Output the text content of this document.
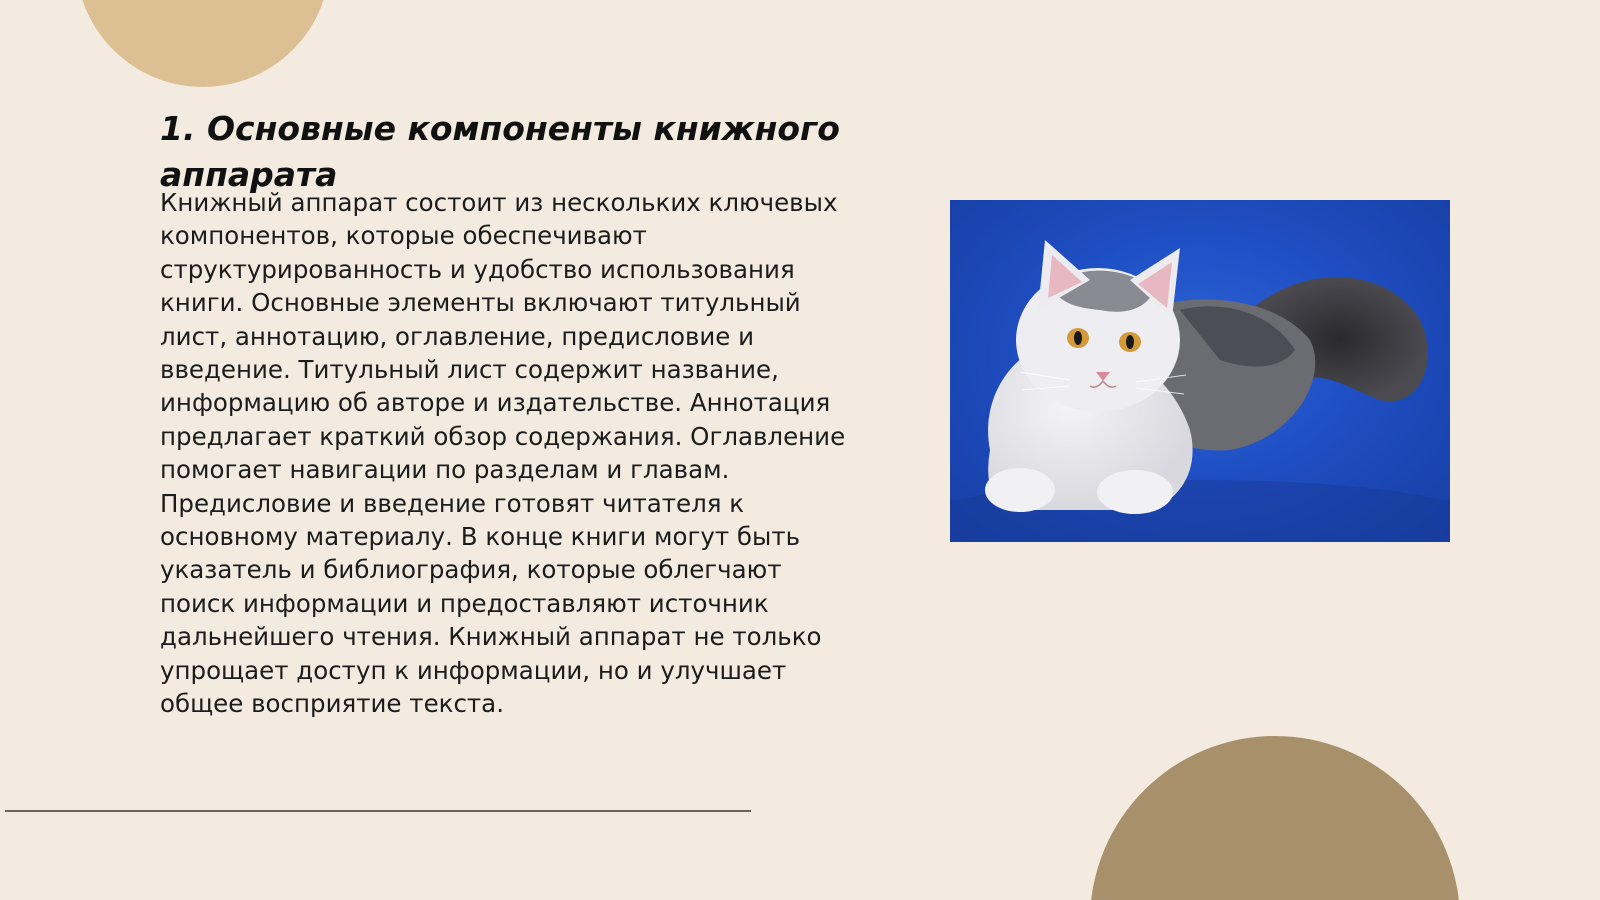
1. Основные компоненты книжного аппарата

Книжный аппарат состоит из нескольких ключевых компонентов, которые обеспечивают структурированность и удобство использования книги. Основные элементы включают титульный лист, аннотацию, оглавление, предисловие и введение. Титульный лист содержит название, информацию об авторе и издательстве. Аннотация предлагает краткий обзор содержания. Оглавление помогает навигации по разделам и главам. Предисловие и введение готовят читателя к основному материалу. В конце книги могут быть указатель и библиография, которые облегчают поиск информации и предоставляют источник дальнейшего чтения. Книжный аппарат не только упрощает доступ к информации, но и улучшает общее восприятие текста.
